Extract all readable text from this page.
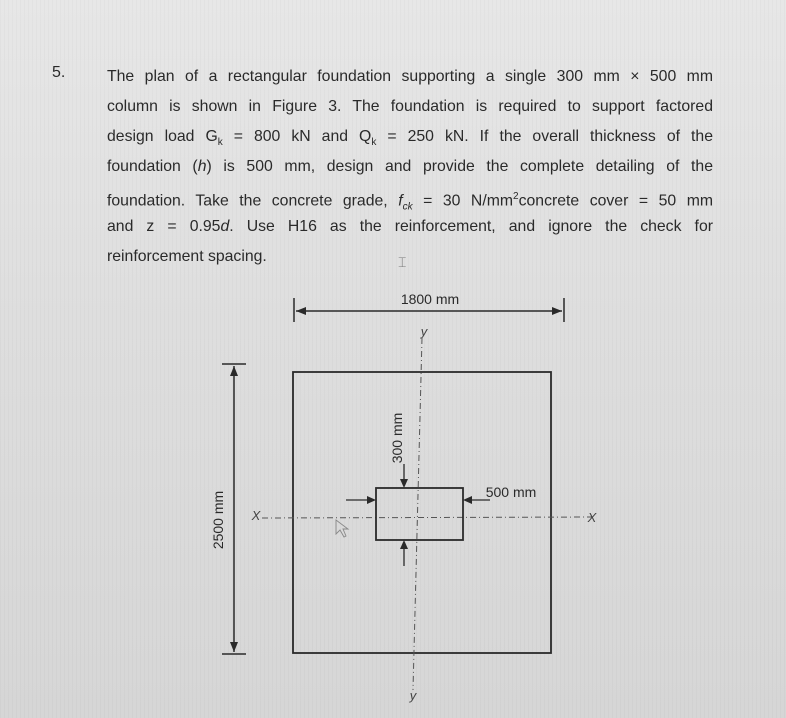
5.	The plan of a rectangular foundation supporting a single 300 mm × 500 mm
column is shown in Figure 3. The foundation is required to support factored
design load $G_k = 800$ kN and $Q_k = 250$ kN. If the overall thickness of the
foundation (h) is 500 mm, design and provide the complete detailing of the
foundation. Take the concrete grade, $f_{ck} = 30$ $N/mm^2concrete$ cover = 50 mm
and z = 0.95d. Use H16 as the reinforcement, and ignore the check for
reinforcement spacing.	⌶
1800 mm
2500 mm
y
y
X	X
300 mm
500 mm
